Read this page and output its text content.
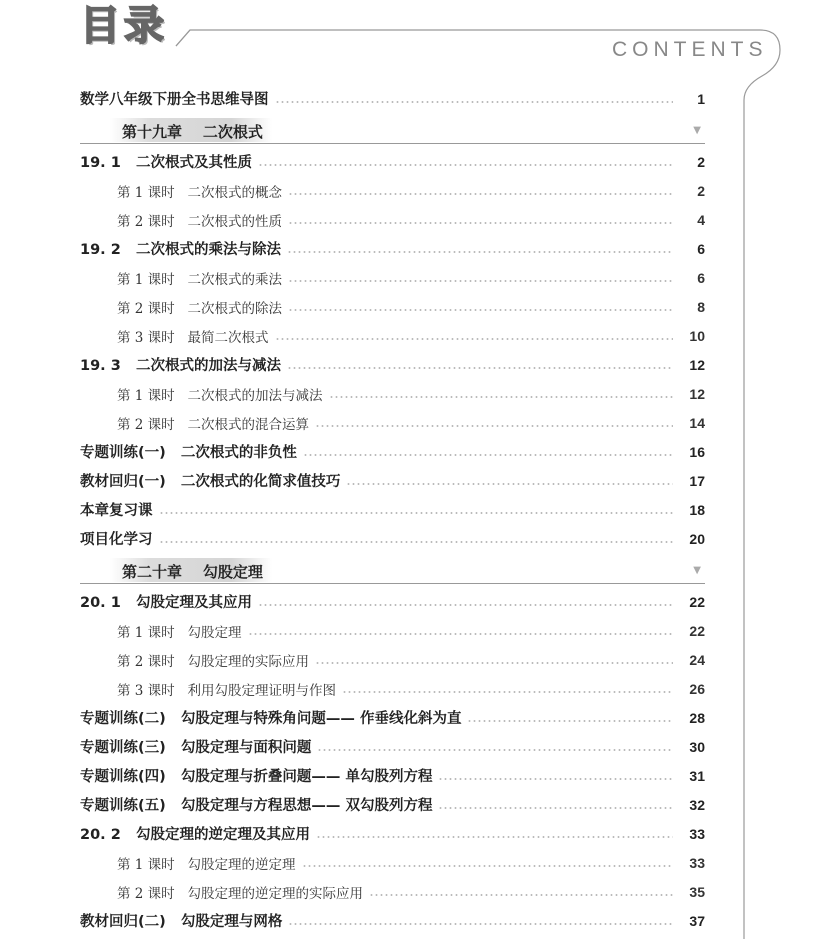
目录
CONTENTS
数学八年级下册全书思维导图	1
第十九章    二次根式	▼
19. 1   二次根式及其性质	2
第 1 课时   二次根式的概念	2
第 2 课时   二次根式的性质	4
19. 2   二次根式的乘法与除法	6
第 1 课时   二次根式的乘法	6
第 2 课时   二次根式的除法	8
第 3 课时   最简二次根式	10
19. 3   二次根式的加法与减法	12
第 1 课时   二次根式的加法与减法	12
第 2 课时   二次根式的混合运算	14
专题训练(一)   二次根式的非负性	16
教材回归(一)   二次根式的化简求值技巧	17
本章复习课	18
项目化学习	20
第二十章    勾股定理	▼
20. 1   勾股定理及其应用	22
第 1 课时   勾股定理	22
第 2 课时   勾股定理的实际应用	24
第 3 课时   利用勾股定理证明与作图	26
专题训练(二)   勾股定理与特殊角问题—— 作垂线化斜为直	28
专题训练(三)   勾股定理与面积问题	30
专题训练(四)   勾股定理与折叠问题—— 单勾股列方程	31
专题训练(五)   勾股定理与方程思想—— 双勾股列方程	32
20. 2   勾股定理的逆定理及其应用	33
第 1 课时   勾股定理的逆定理	33
第 2 课时   勾股定理的逆定理的实际应用	35
教材回归(二)   勾股定理与网格	37
